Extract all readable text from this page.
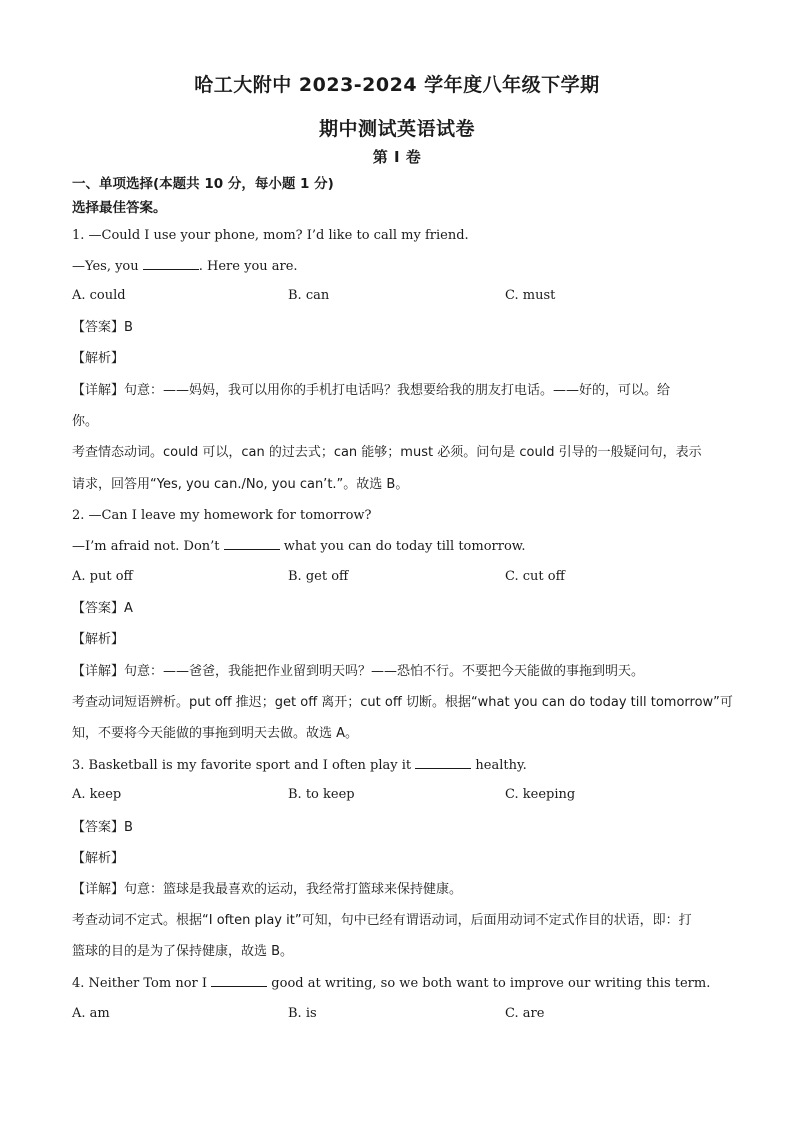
哈工大附中 2023-2024 学年度八年级下学期
期中测试英语试卷
第 I 卷
一、单项选择(本题共 10 分，每小题 1 分)
选择最佳答案。
1. —Could I use your phone, mom? I’d like to call my friend.
—Yes, you	. Here you are.
A. could	B. can	C. must
【答案】B
【解析】
【详解】句意：——妈妈，我可以用你的手机打电话吗？我想要给我的朋友打电话。——好的，可以。给
你。
考查情态动词。could 可以，can 的过去式；can 能够；must 必须。问句是 could 引导的一般疑问句，表示
请求，回答用“Yes, you can./No, you can’t.”。故选 B。
2. —Can I leave my homework for tomorrow?
—I’m afraid not. Don’t	what you can do today till tomorrow.
A. put off	B. get off	C. cut off
【答案】A
【解析】
【详解】句意：——爸爸，我能把作业留到明天吗？——恐怕不行。不要把今天能做的事拖到明天。
考查动词短语辨析。put off 推迟；get off 离开；cut off 切断。根据“what you can do today till tomorrow”可
知，不要将今天能做的事拖到明天去做。故选 A。
3. Basketball is my favorite sport and I often play it	healthy.
A. keep	B. to keep	C. keeping
【答案】B
【解析】
【详解】句意：篮球是我最喜欢的运动，我经常打篮球来保持健康。
考查动词不定式。根据“I often play it”可知，句中已经有谓语动词，后面用动词不定式作目的状语，即：打
篮球的目的是为了保持健康，故选 B。
4. Neither Tom nor I	good at writing, so we both want to improve our writing this term.
A. am	B. is	C. are
